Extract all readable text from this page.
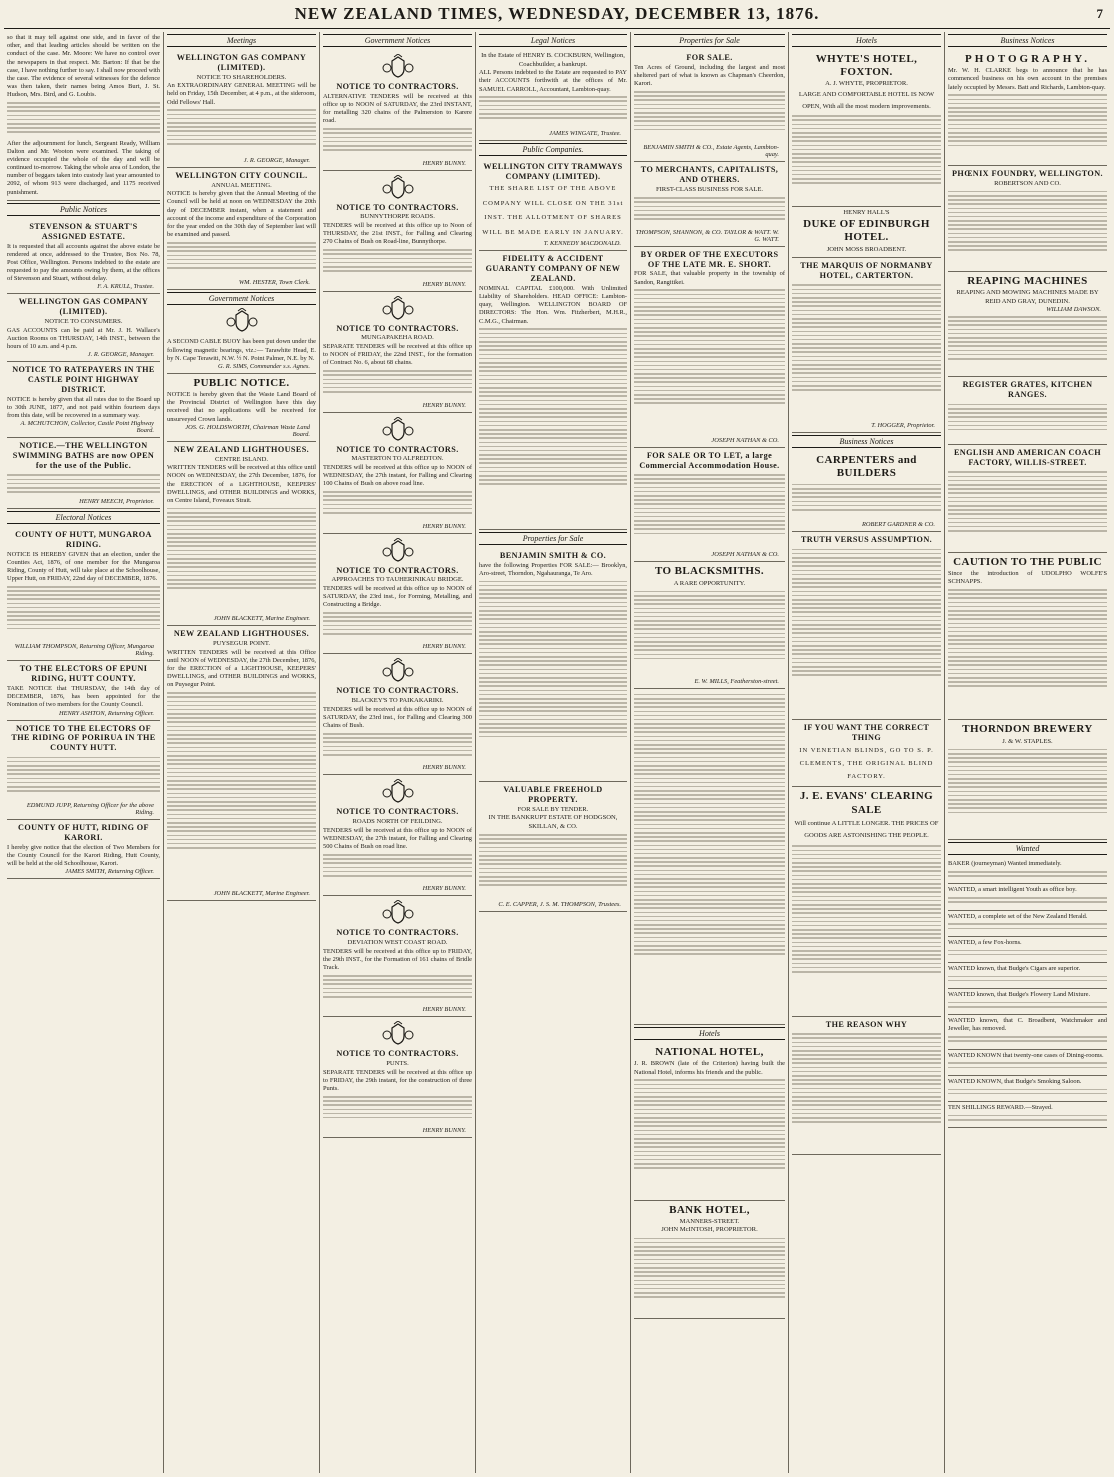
NEW ZEALAND TIMES, WEDNESDAY, DECEMBER 13, 1876.	7
so that it may tell against one side, and in favor of the other, and that leading articles should be written on the conduct of the case. Mr. Moore: We have no control over the newspapers in that respect. Mr. Barton: If that be the case, I have nothing further to say. I shall now proceed with the case. The evidence of several witnesses for the defence was then taken, their names being Amos Burt, J. St. Hudson, Mrs. Bird, and G. Loubis.
After the adjournment for lunch, Sergeant Ready, William Dalton and Mr. Wooton were examined. The taking of evidence occupied the whole of the day and will be continued to-morrow. Taking the whole area of London, the number of beggars taken into custody last year amounted to 2092, of whom 913 were discharged, and 1175 received punishment.
Public Notices
STEVENSON & STUART'S ASSIGNED ESTATE.
It is requested that all accounts against the above estate be rendered at once, addressed to the Trustee, Box No. 78, Post Office, Wellington. Persons indebted to the estate are requested to pay the amounts owing by them, at the offices of Stevenson and Stuart, without delay.
F. A. KRULL, Trustee.
WELLINGTON GAS COMPANY (LIMITED).
NOTICE TO CONSUMERS.
GAS ACCOUNTS can be paid at Mr. J. H. Wallace's Auction Rooms on THURSDAY, 14th INST., between the hours of 10 a.m. and 4 p.m.
J. R. GEORGE, Manager.
NOTICE TO RATEPAYERS IN THE CASTLE POINT HIGHWAY DISTRICT.
NOTICE is hereby given that all rates due to the Board up to 30th JUNE, 1877, and not paid within fourteen days from this date, will be recovered in a summary way.
A. MCHUTCHON, Collector, Castle Point Highway Board.
NOTICE.—THE WELLINGTON SWIMMING BATHS are now OPEN for the use of the Public.
HENRY MEECH, Proprietor.
Electoral Notices
COUNTY OF HUTT, MUNGAROA RIDING.
NOTICE IS HEREBY GIVEN that an election, under the Counties Act, 1876, of one member for the Mungaroa Riding, County of Hutt, will take place at the Schoolhouse, Upper Hutt, on FRIDAY, 22nd day of DECEMBER, 1876.
WILLIAM THOMPSON, Returning Officer, Mungaroa Riding.
TO THE ELECTORS OF EPUNI RIDING, HUTT COUNTY.
TAKE NOTICE that THURSDAY, the 14th day of DECEMBER, 1876, has been appointed for the Nomination of two members for the County Council.
HENRY ASHTON, Returning Officer.
NOTICE TO THE ELECTORS OF THE RIDING OF PORIRUA IN THE COUNTY HUTT.
EDMUND JUPP, Returning Officer for the above Riding.
COUNTY OF HUTT, RIDING OF KARORI.
I hereby give notice that the election of Two Members for the County Council for the Karori Riding, Hutt County, will be held at the old Schoolhouse, Karori.
JAMES SMITH, Returning Officer.
Meetings
WELLINGTON GAS COMPANY (LIMITED).
NOTICE TO SHAREHOLDERS.
An EXTRAORDINARY GENERAL MEETING will be held on Friday, 15th December, at 4 p.m., at the sideroom, Odd Fellows' Hall.
J. R. GEORGE, Manager.
WELLINGTON CITY COUNCIL.
ANNUAL MEETING.
NOTICE is hereby given that the Annual Meeting of the Council will be held at noon on WEDNESDAY the 20th day of DECEMBER instant, when a statement and account of the income and expenditure of the Corporation for the year ended on the 30th day of September last will be examined and passed.
WM. HESTER, Town Clerk.
Government Notices
A SECOND CABLE BUOY has been put down under the following magnetic bearings, viz.:— Tarawhite Head, E. by N. Cape Terawiti, N.W. ½ N. Point Palmer, N.E. by N.
G. R. SIMS, Commander s.s. Agnes.
PUBLIC NOTICE.
NOTICE is hereby given that the Waste Land Board of the Provincial District of Wellington have this day received that no applications will be received for unsurveyed Crown lands.
JOS. G. HOLDSWORTH, Chairman Waste Land Board.
NEW ZEALAND LIGHTHOUSES.
CENTRE ISLAND.
WRITTEN TENDERS will be received at this office until NOON on WEDNESDAY, the 27th December, 1876, for the ERECTION of a LIGHTHOUSE, KEEPERS' DWELLINGS, and OTHER BUILDINGS and WORKS, on Centre Island, Foveaux Strait.
JOHN BLACKETT, Marine Engineer.
NEW ZEALAND LIGHTHOUSES.
PUYSEGUR POINT.
WRITTEN TENDERS will be received at this Office until NOON of WEDNESDAY, the 27th December, 1876, for the ERECTION of a LIGHTHOUSE, KEEPERS' DWELLINGS, and OTHER BUILDINGS and WORKS, on Puysegur Point.
JOHN BLACKETT, Marine Engineer.
Government Notices
NOTICE TO CONTRACTORS.
ALTERNATIVE TENDERS will be received at this office up to NOON of SATURDAY, the 23rd INSTANT, for metalling 320 chains of the Palmerston to Karere road.
HENRY BUNNY.
NOTICE TO CONTRACTORS.
BUNNYTHORPE ROADS.
TENDERS will be received at this office up to Noon of THURSDAY, the 21st INST., for Falling and Clearing 270 Chains of Bush on Road-line, Bunnythorpe.
HENRY BUNNY.
NOTICE TO CONTRACTORS.
MUNGAPAKEHA ROAD.
SEPARATE TENDERS will be received at this office up to NOON of FRIDAY, the 22nd INST., for the formation of Contract No. 6, about 68 chains.
HENRY BUNNY.
NOTICE TO CONTRACTORS.
MASTERTON TO ALFREDTON.
TENDERS will be received at this office up to NOON of WEDNESDAY, the 27th instant, for Falling and Clearing 100 Chains of Bush on above road line.
HENRY BUNNY.
NOTICE TO CONTRACTORS.
APPROACHES TO TAUHERINIKAU BRIDGE.
TENDERS will be received at this office up to NOON of SATURDAY, the 23rd inst., for Forming, Metalling, and Constructing a Bridge.
HENRY BUNNY.
NOTICE TO CONTRACTORS.
BLACKEY'S TO PAIKAKARIKI.
TENDERS will be received at this office up to NOON of SATURDAY, the 23rd inst., for Falling and Clearing 300 Chains of Bush.
HENRY BUNNY.
NOTICE TO CONTRACTORS.
ROADS NORTH OF FEILDING.
TENDERS will be received at this office up to NOON of WEDNESDAY, the 27th instant, for Falling and Clearing 500 Chains of Bush on road line.
HENRY BUNNY.
NOTICE TO CONTRACTORS.
DEVIATION WEST COAST ROAD.
TENDERS will be received at this office up to FRIDAY, the 29th INST., for the Formation of 161 chains of Bridle Track.
HENRY BUNNY.
NOTICE TO CONTRACTORS.
PUNTS.
SEPARATE TENDERS will be received at this office up to FRIDAY, the 29th instant, for the construction of three Punts.
HENRY BUNNY.
Legal Notices
In the Estate of HENRY B. COCKBURN, Wellington, Coachbuilder, a bankrupt.
ALL Persons indebted to the Estate are requested to PAY their ACCOUNTS forthwith at the offices of Mr. SAMUEL CARROLL, Accountant, Lambton-quay.
JAMES WINGATE, Trustee.
Public Companies.
WELLINGTON CITY TRAMWAYS COMPANY (LIMITED).
THE SHARE LIST OF THE ABOVE COMPANY WILL CLOSE ON THE 31st INST. THE ALLOTMENT OF SHARES WILL BE MADE EARLY IN JANUARY.
T. KENNEDY MACDONALD.
FIDELITY & ACCIDENT GUARANTY COMPANY OF NEW ZEALAND.
NOMINAL CAPITAL £100,000. With Unlimited Liability of Shareholders. HEAD OFFICE: Lambton-quay, Wellington. WELLINGTON BOARD OF DIRECTORS: The Hon. Wm. Fitzherbert, M.H.R., C.M.G., Chairman.
Properties for Sale
BENJAMIN SMITH & CO.
have the following Properties FOR SALE:— Brooklyn, Aro-street, Thorndon, Ngahauranga, Te Aro.
VALUABLE FREEHOLD PROPERTY.
FOR SALE BY TENDER.
IN THE BANKRUPT ESTATE OF HODGSON, SKILLAN, & CO.
C. E. CAPPER, J. S. M. THOMPSON, Trustees.
Properties for Sale
FOR SALE.
Ten Acres of Ground, including the largest and most sheltered part of what is known as Chapman's Cheerdon, Karori.
BENJAMIN SMITH & CO., Estate Agents, Lambton-quay.
TO MERCHANTS, CAPITALISTS, AND OTHERS.
FIRST-CLASS BUSINESS FOR SALE.
THOMPSON, SHANNON, & CO. TAYLOR & WATT. W. G. WATT.
BY ORDER OF THE EXECUTORS OF THE LATE MR. E. SHORT.
FOR SALE, that valuable property in the township of Sandon, Rangitikei.
JOSEPH NATHAN & CO.
FOR SALE OR TO LET, a large Commercial Accommodation House.
JOSEPH NATHAN & CO.
TO BLACKSMITHS.
A RARE OPPORTUNITY.
E. W. MILLS, Featherston-street.
Hotels
NATIONAL HOTEL,
J. R. BROWN (late of the Criterion) having built the National Hotel, informs his friends and the public.
BANK HOTEL,
MANNERS-STREET.
JOHN McINTOSH, PROPRIETOR.
Hotels
WHYTE'S HOTEL, FOXTON.
A. J. WHYTE, PROPRIETOR.
LARGE AND COMFORTABLE HOTEL IS NOW OPEN, With all the most modern improvements.
HENRY HALL'S
DUKE OF EDINBURGH HOTEL.
JOHN MOSS BROADBENT.
THE MARQUIS OF NORMANBY HOTEL, CARTERTON.
T. HOGGER, Proprietor.
Business Notices
CARPENTERS and BUILDERS
ROBERT GARDNER & CO.
TRUTH VERSUS ASSUMPTION.
IF YOU WANT THE CORRECT THING
IN VENETIAN BLINDS, GO TO S. P. CLEMENTS, THE ORIGINAL BLIND FACTORY.
J. E. EVANS' CLEARING SALE
Will continue A LITTLE LONGER. THE PRICES OF GOODS ARE ASTONISHING THE PEOPLE.
THE REASON WHY
Business Notices
PHOTOGRAPHY.
Mr. W. H. CLARKE begs to announce that he has commenced business on his own account in the premises lately occupied by Messrs. Batt and Richards, Lambton-quay.
PHŒNIX FOUNDRY, WELLINGTON.
ROBERTSON AND CO.
REAPING MACHINES
REAPING AND MOWING MACHINES MADE BY REID AND GRAY, DUNEDIN.
WILLIAM DAWSON.
REGISTER GRATES, KITCHEN RANGES.
ENGLISH AND AMERICAN COACH FACTORY, WILLIS-STREET.
CAUTION TO THE PUBLIC
Since the introduction of UDOLPHO WOLFE'S SCHNAPPS.
THORNDON BREWERY
J. & W. STAPLES.
Wanted
BAKER (journeyman) Wanted immediately.
WANTED, a smart intelligent Youth as office boy.
WANTED, a complete set of the New Zealand Herald.
WANTED, a few Fox-horns.
WANTED known, that Budge's Cigars are superior.
WANTED known, that Budge's Flowery Land Mixture.
WANTED known, that C. Broadbent, Watchmaker and Jeweller, has removed.
WANTED KNOWN that twenty-one cases of Dining-rooms.
WANTED KNOWN, that Budge's Smoking Saloon.
TEN SHILLINGS REWARD.—Strayed.
